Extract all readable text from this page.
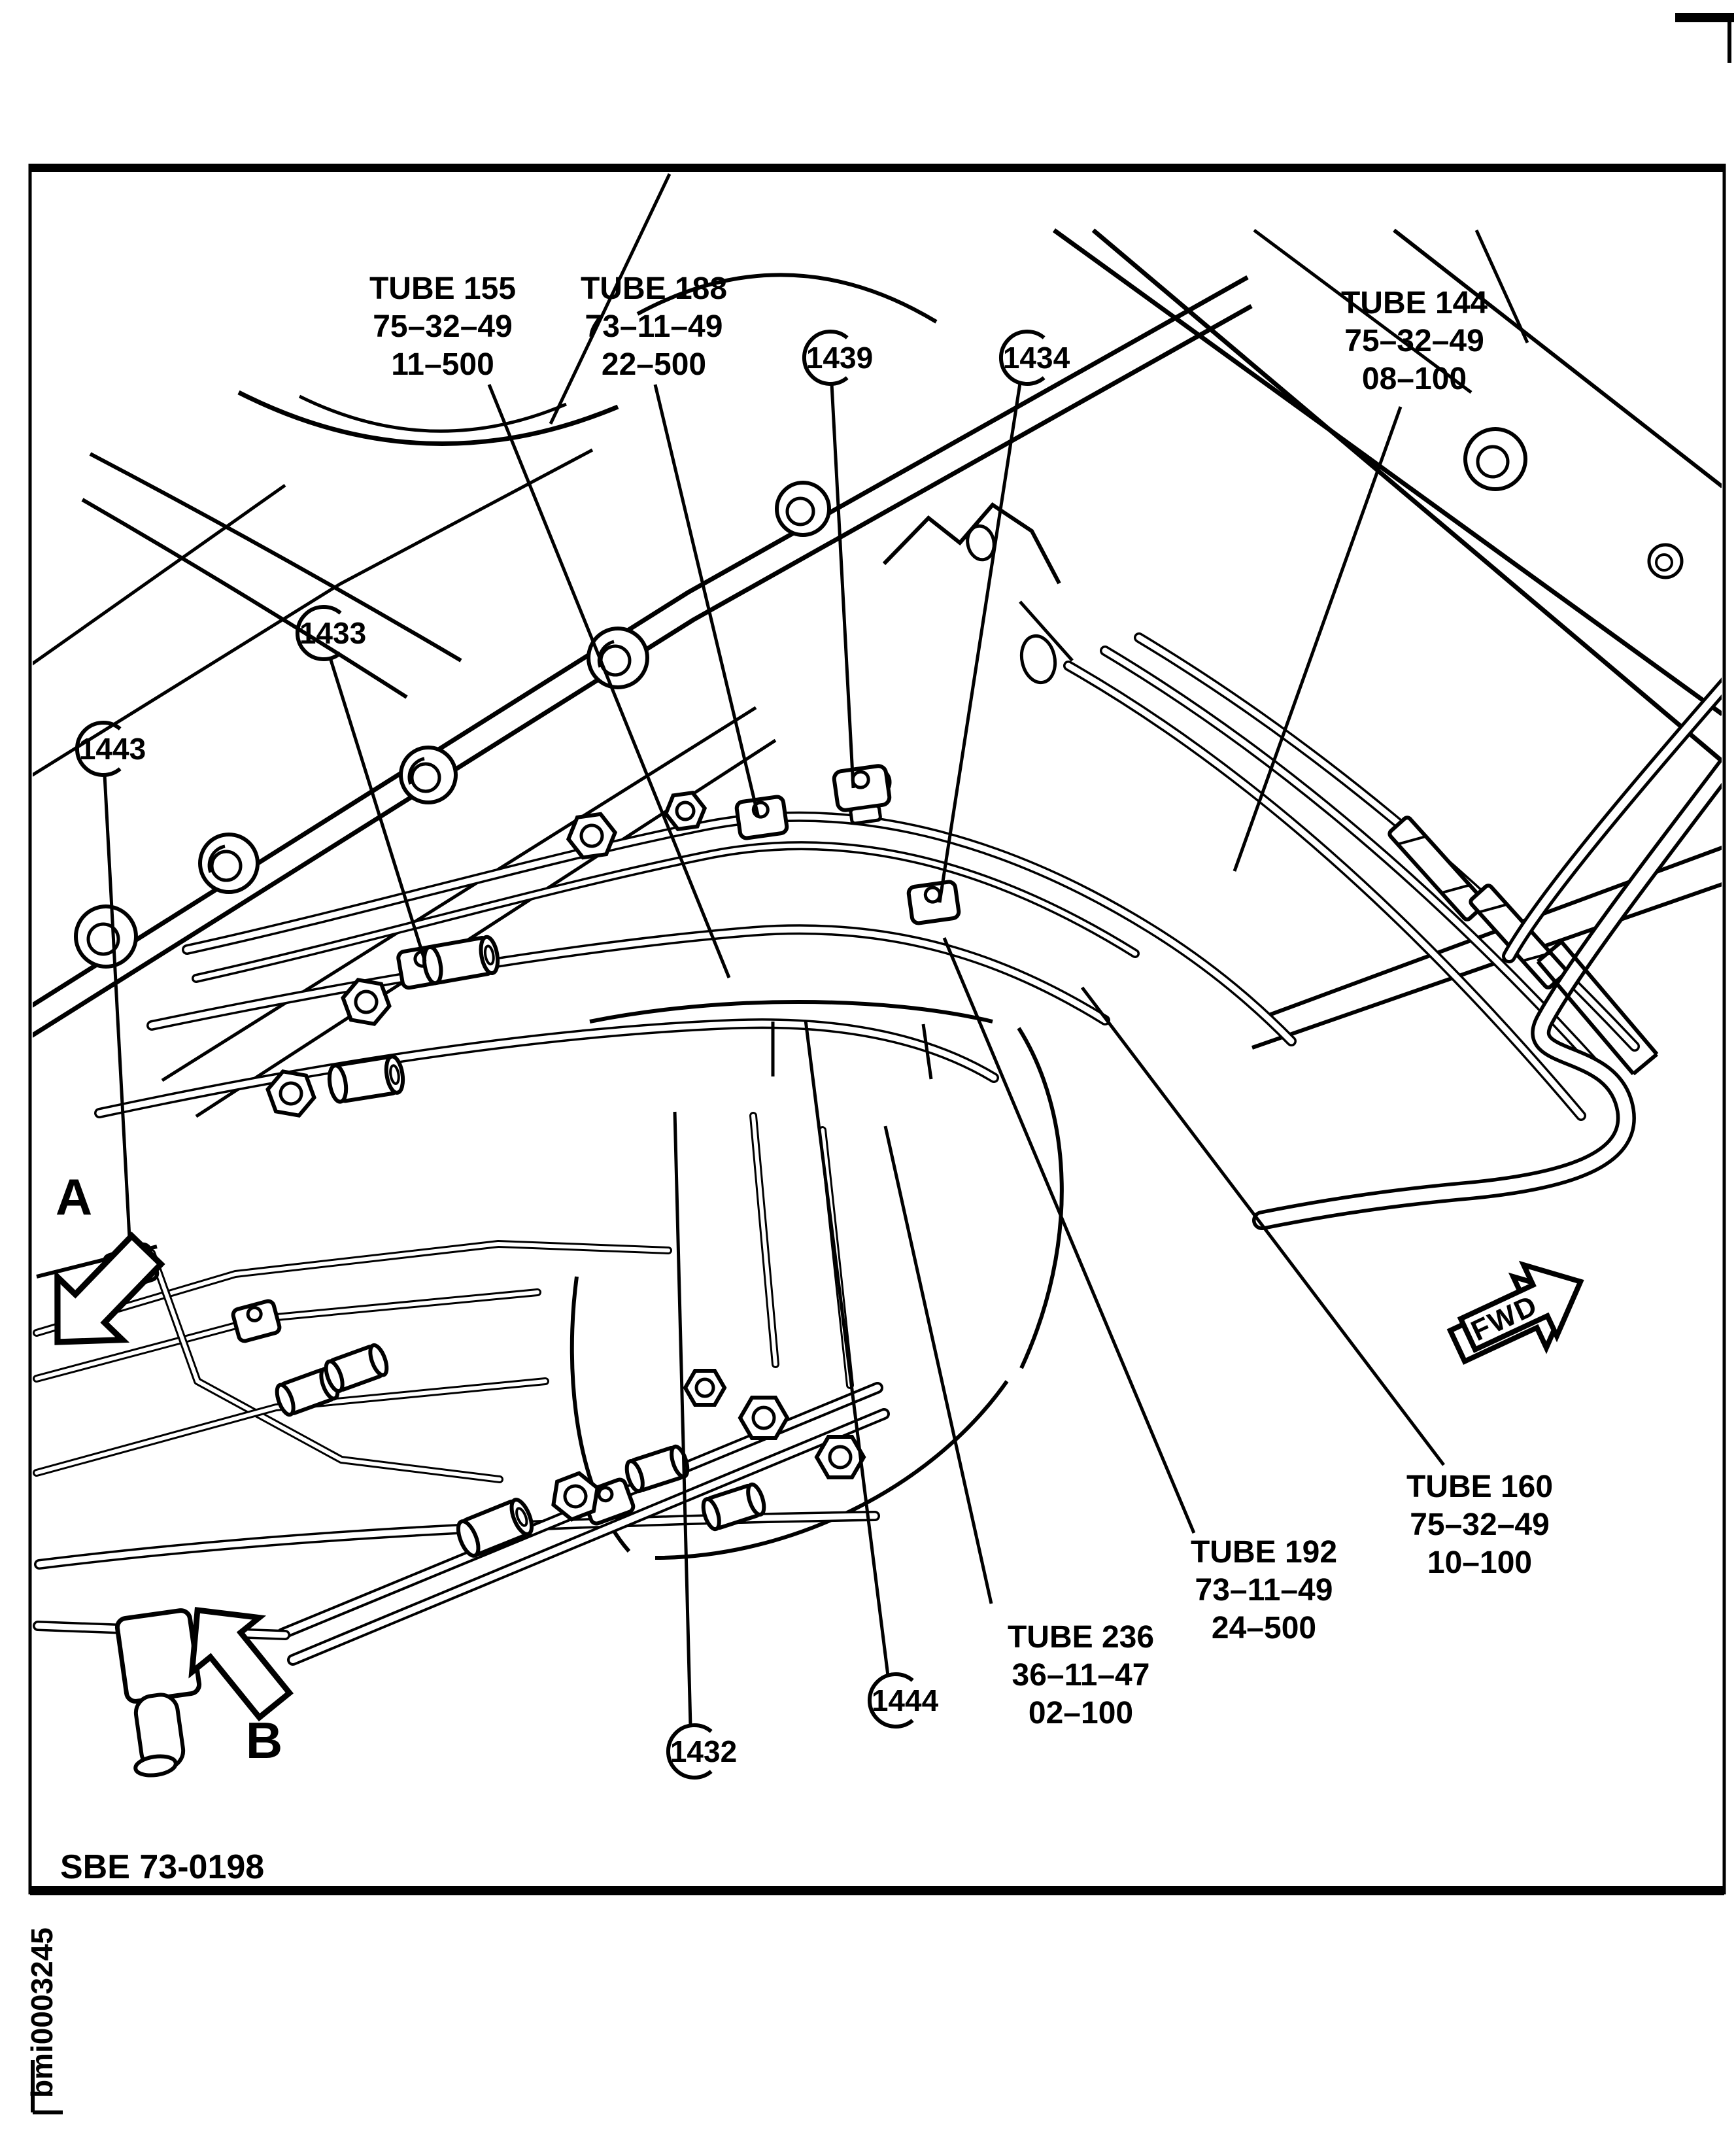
1439	1434
1433
1443
1444
1432
TUBE 155
75–32–49
11–500
TUBE 188
73–11–49
22–500
TUBE 144
75–32–49
08–100
TUBE 160
75–32–49
10–100
TUBE 192
73–11–49
24–500
TUBE 236
36–11–47
02–100
A
B
FWD
SBE 73-0198
bmi0003245
